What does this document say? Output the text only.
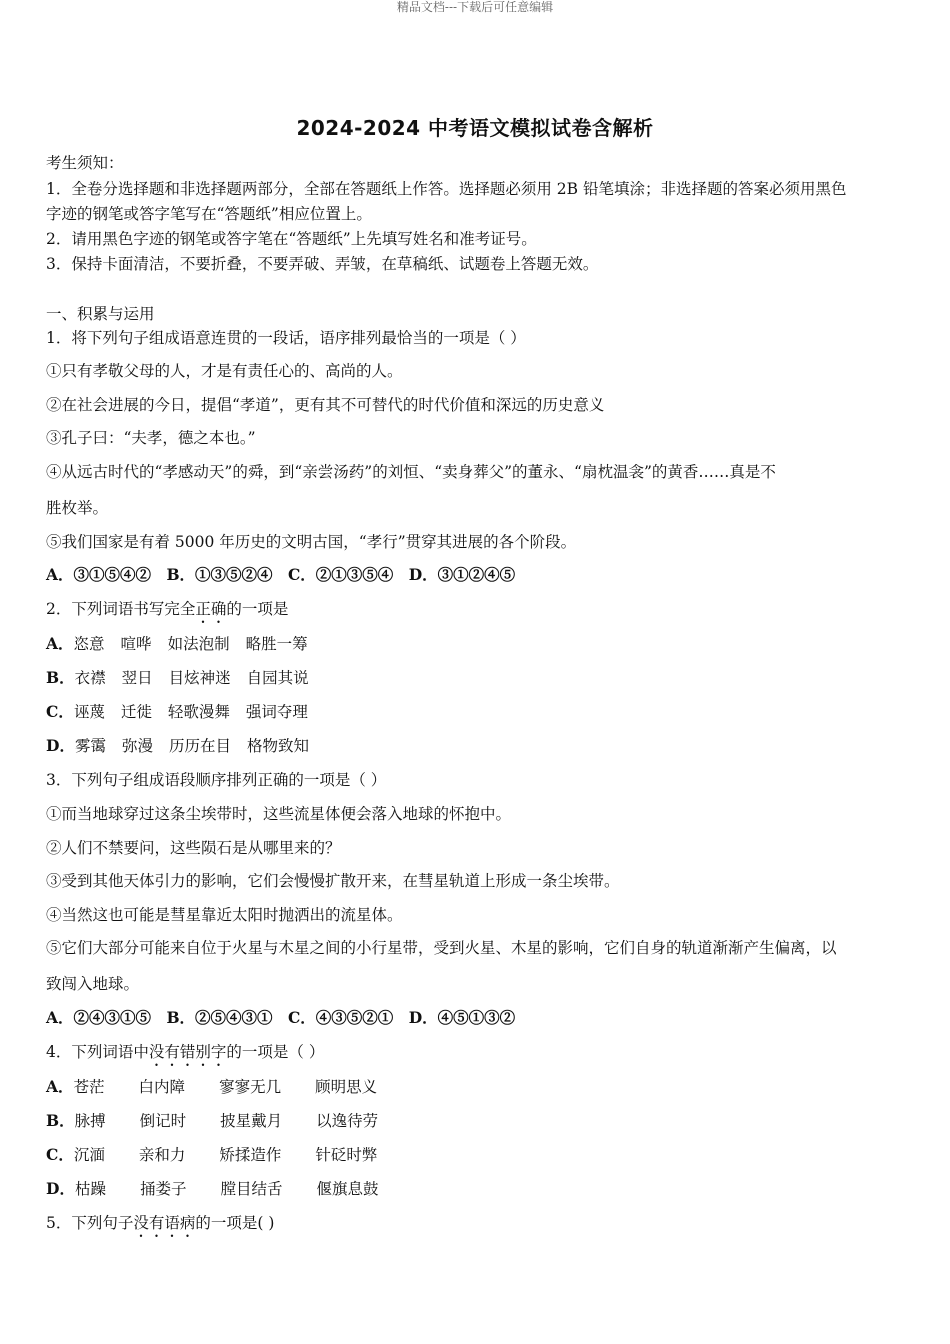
精品文档---下载后可任意编辑
2024-2024 中考语文模拟试卷含解析
考生须知：
1．全卷分选择题和非选择题两部分，全部在答题纸上作答。选择题必须用 2B 铅笔填涂；非选择题的答案必须用黑色
字迹的钢笔或答字笔写在“答题纸”相应位置上。
2．请用黑色字迹的钢笔或答字笔在“答题纸”上先填写姓名和准考证号。
3．保持卡面清洁，不要折叠，不要弄破、弄皱，在草稿纸、试题卷上答题无效。
一、积累与运用
1．将下列句子组成语意连贯的一段话，语序排列最恰当的一项是（ ）
①只有孝敬父母的人，才是有责任心的、高尚的人。
②在社会进展的今日，提倡“孝道”，更有其不可替代的时代价值和深远的历史意义
③孔子曰：“夫孝，德之本也。”
④从远古时代的“孝感动天”的舜，到“亲尝汤药”的刘恒、“卖身葬父”的董永、“扇枕温衾”的黄香……真是不
胜枚举。
⑤我们国家是有着 5000 年历史的文明古国，“孝行”贯穿其进展的各个阶段。
A．③①⑤④② B．①③⑤②④ C．②①③⑤④ D．③①②④⑤
2．下列词语书写完全正确的一项是
A．恣意 喧哗 如法泡制 略胜一筹
B．衣襟 翌日 目炫神迷 自园其说
C．诬蔑 迁徙 轻歌漫舞 强词夺理
D．雾霭 弥漫 历历在目 格物致知
3．下列句子组成语段顺序排列正确的一项是（ ）
①而当地球穿过这条尘埃带时，这些流星体便会落入地球的怀抱中。
②人们不禁要问，这些陨石是从哪里来的？
③受到其他天体引力的影响，它们会慢慢扩散开来，在彗星轨道上形成一条尘埃带。
④当然这也可能是彗星靠近太阳时抛洒出的流星体。
⑤它们大部分可能来自位于火星与木星之间的小行星带，受到火星、木星的影响，它们自身的轨道渐渐产生偏离，以
致闯入地球。
A．②④③①⑤ B．②⑤④③① C．④③⑤②① D．④⑤①③②
4．下列词语中没有错别字的一项是（ ）
A．苍茫 白内障 寥寥无几 顾明思义
B．脉搏 倒记时 披星戴月 以逸待劳
C．沉湎 亲和力 矫揉造作 针砭时弊
D．枯躁 捅娄子 膛目结舌 偃旗息鼓
5．下列句子没有语病的一项是( )
